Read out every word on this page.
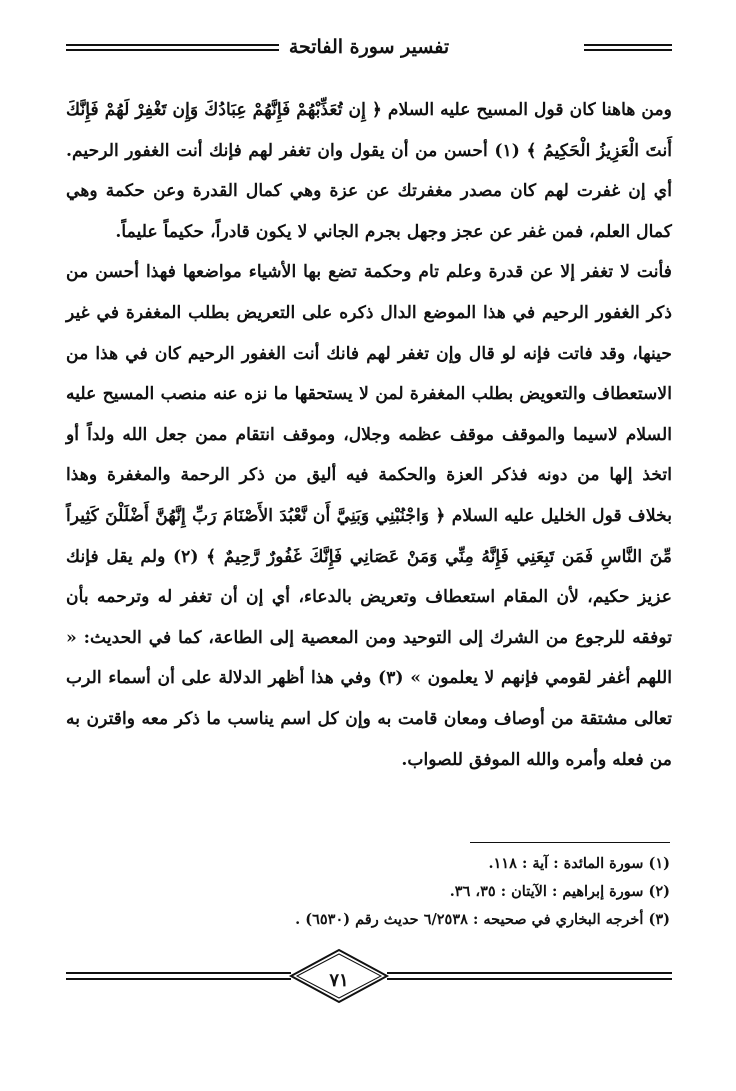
تفسير سورة الفاتحة

ومن هاهنا كان قول المسيح عليه السلام ﴿ إِن تُعَذِّبْهُمْ فَإِنَّهُمْ عِبَادُكَ وَإِن تَغْفِرْ لَهُمْ فَإِنَّكَ أَنتَ الْعَزِيزُ الْحَكِيمُ ﴾ (١) أحسن من أن يقول وان تغفر لهم فإنك أنت الغفور الرحيم. أي إن غفرت لهم كان مصدر مغفرتك عن عزة وهي كمال القدرة وعن حكمة وهي كمال العلم، فمن غفر عن عجز وجهل بجرم الجاني لا يكون قادراً، حكيماً عليماً.

فأنت لا تغفر إلا عن قدرة وعلم تام وحكمة تضع بها الأشياء مواضعها فهذا أحسن من ذكر الغفور الرحيم في هذا الموضع الدال ذكره على التعريض بطلب المغفرة في غير حينها، وقد فاتت فإنه لو قال وإن تغفر لهم فانك أنت الغفور الرحيم كان في هذا من الاستعطاف والتعويض بطلب المغفرة لمن لا يستحقها ما نزه عنه منصب المسيح عليه السلام لاسيما والموقف موقف عظمه وجلال، وموقف انتقام ممن جعل الله ولداً أو اتخذ إلها من دونه فذكر العزة والحكمة فيه أليق من ذكر الرحمة والمغفرة وهذا بخلاف قول الخليل عليه السلام ﴿ وَاجْنُبْنِي وَبَنِيَّ أَن نَّعْبُدَ الأَصْنَامَ رَبِّ إِنَّهُنَّ أَضْلَلْنَ كَثِيراً مِّنَ النَّاسِ فَمَن تَبِعَنِي فَإِنَّهُ مِنِّي وَمَنْ عَصَانِي فَإِنَّكَ غَفُورٌ رَّحِيمٌ ﴾ (٢) ولم يقل فإنك عزيز حكيم، لأن المقام استعطاف وتعريض بالدعاء، أي إن أن تغفر له وترحمه بأن توفقه للرجوع من الشرك إلى التوحيد ومن المعصية إلى الطاعة، كما في الحديث: « اللهم أغفر لقومي فإنهم لا يعلمون » (٣) وفي هذا أظهر الدلالة على أن أسماء الرب تعالى مشتقة من أوصاف ومعان قامت به وإن كل اسم يناسب ما ذكر معه واقترن به من فعله وأمره والله الموفق للصواب.

(١) سورة المائدة : آية : ١١٨.
(٢) سورة إبراهيم : الآيتان : ٣٥، ٣٦.
(٣) أخرجه البخاري في صحيحه : ٦/٢٥٣٨ حديث رقم (٦٥٣٠) .
٧١
